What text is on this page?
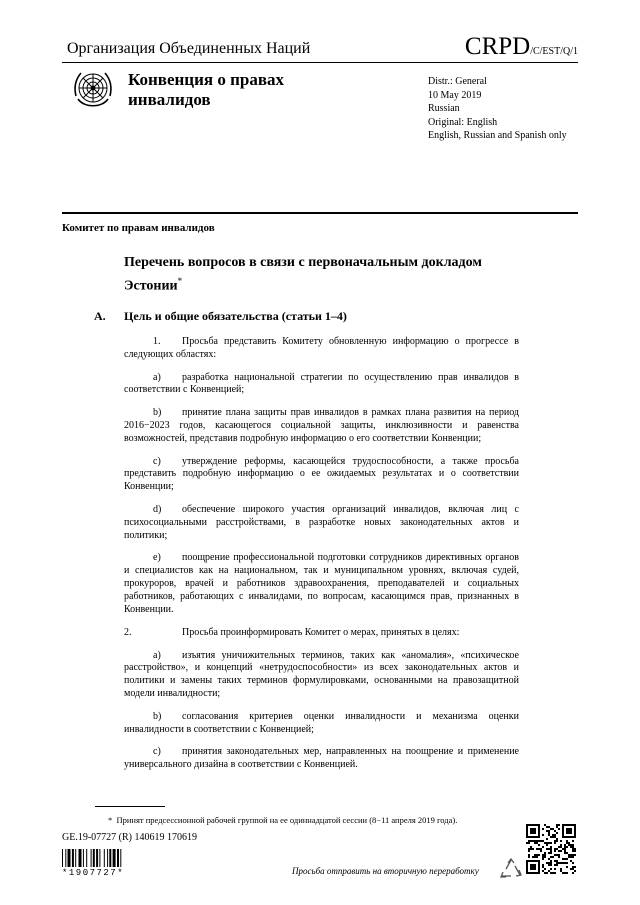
Организация Объединенных Наций	CRPD/C/EST/Q/1
Конвенция о правах инвалидов
Distr.: General
10 May 2019
Russian
Original: English
English, Russian and Spanish only
Комитет по правам инвалидов
Перечень вопросов в связи с первоначальным докладом Эстонии*
A. Цель и общие обязательства (статьи 1–4)

1. Просьба представить Комитету обновленную информацию о прогрессе в следующих областях:

a) разработка национальной стратегии по осуществлению прав инвалидов в соответствии с Конвенцией;

b) принятие плана защиты прав инвалидов в рамках плана развития на период 2016−2023 годов, касающегося социальной защиты, инклюзивности и равенства возможностей, представив подробную информацию о его соответствии Конвенции;

c) утверждение реформы, касающейся трудоспособности, а также просьба представить подробную информацию о ее ожидаемых результатах и о соответствии Конвенции;

d) обеспечение широкого участия организаций инвалидов, включая лиц с психосоциальными расстройствами, в разработке новых законодательных актов и политики;

e) поощрение профессиональной подготовки сотрудников директивных органов и специалистов как на национальном, так и муниципальном уровнях, включая судей, прокуроров, врачей и работников здравоохранения, преподавателей и социальных работников, работающих с инвалидами, по вопросам, касающимся прав, признанных в Конвенции.

2.	Просьба проинформировать Комитет о мерах, принятых в целях:

a) изъятия уничижительных терминов, таких как «аномалия», «психическое расстройство», и концепций «нетрудоспособности» из всех законодательных актов и политики и замены таких терминов формулировками, основанными на правозащитной модели инвалидности;

b) согласования критериев оценки инвалидности и механизма оценки инвалидности в соответствии с Конвенцией;

c) принятия законодательных мер, направленных на поощрение и применение универсального дизайна в соответствии с Конвенцией.

* Принят предсессионной рабочей группой на ее одиннадцатой сессии (8−11 апреля 2019 года).
GE.19-07727 (R) 140619 170619
*1907727*	Просьба отправить на вторичную переработку
